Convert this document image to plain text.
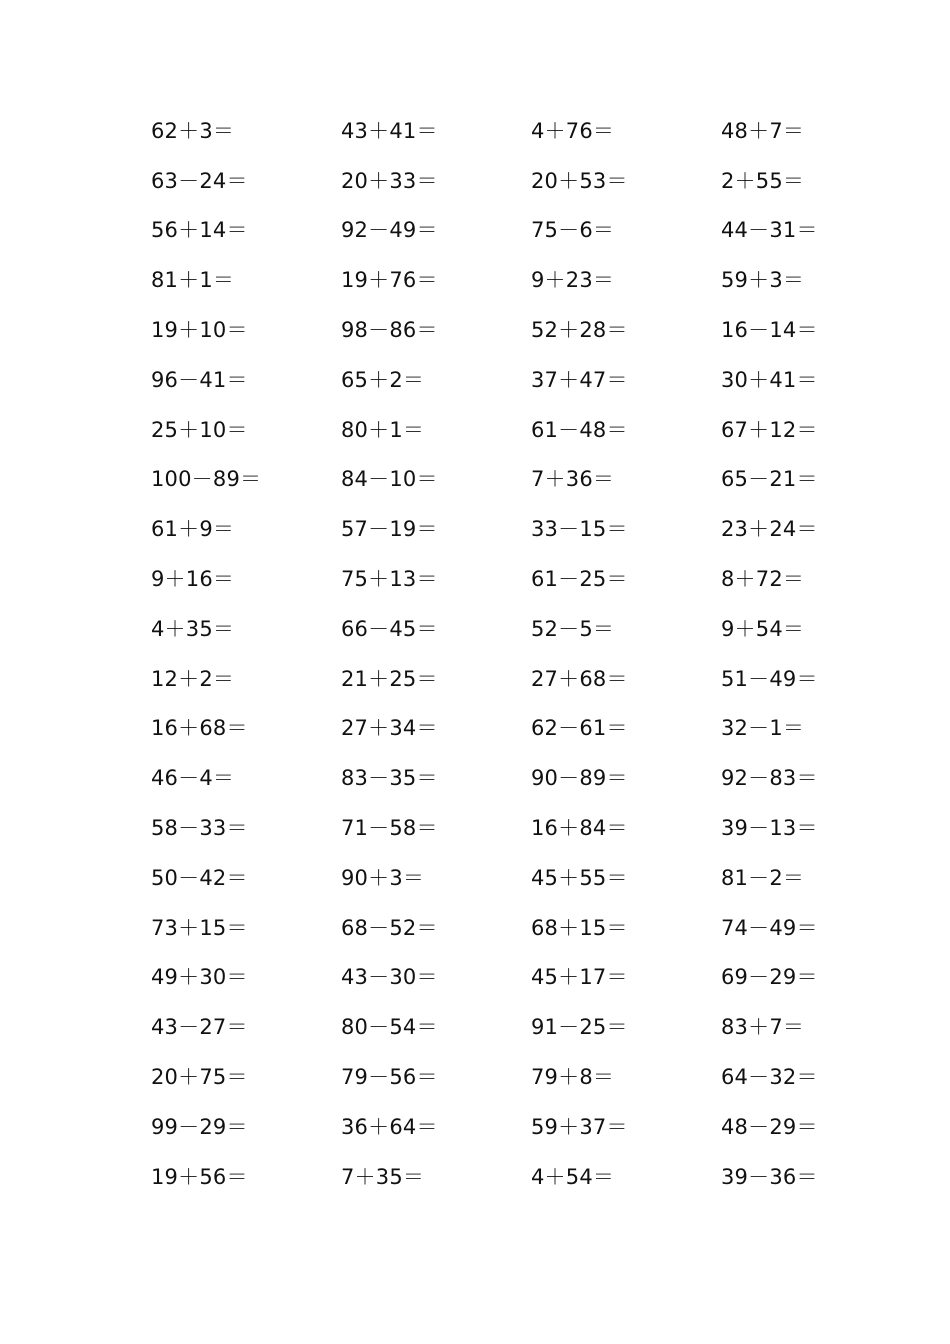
62＋3＝	43＋41＝	4＋76＝	48＋7＝
63－24＝	20＋33＝	20＋53＝	2＋55＝
56＋14＝	92－49＝	75－6＝	44－31＝
81＋1＝	19＋76＝	9＋23＝	59＋3＝
19＋10＝	98－86＝	52＋28＝	16－14＝
96－41＝	65＋2＝	37＋47＝	30＋41＝
25＋10＝	80＋1＝	61－48＝	67＋12＝
100－89＝	84－10＝	7＋36＝	65－21＝
61＋9＝	57－19＝	33－15＝	23＋24＝
9＋16＝	75＋13＝	61－25＝	8＋72＝
4＋35＝	66－45＝	52－5＝	9＋54＝
12＋2＝	21＋25＝	27＋68＝	51－49＝
16＋68＝	27＋34＝	62－61＝	32－1＝
46－4＝	83－35＝	90－89＝	92－83＝
58－33＝	71－58＝	16＋84＝	39－13＝
50－42＝	90＋3＝	45＋55＝	81－2＝
73＋15＝	68－52＝	68＋15＝	74－49＝
49＋30＝	43－30＝	45＋17＝	69－29＝
43－27＝	80－54＝	91－25＝	83＋7＝
20＋75＝	79－56＝	79＋8＝	64－32＝
99－29＝	36＋64＝	59＋37＝	48－29＝
19＋56＝	7＋35＝	4＋54＝	39－36＝
